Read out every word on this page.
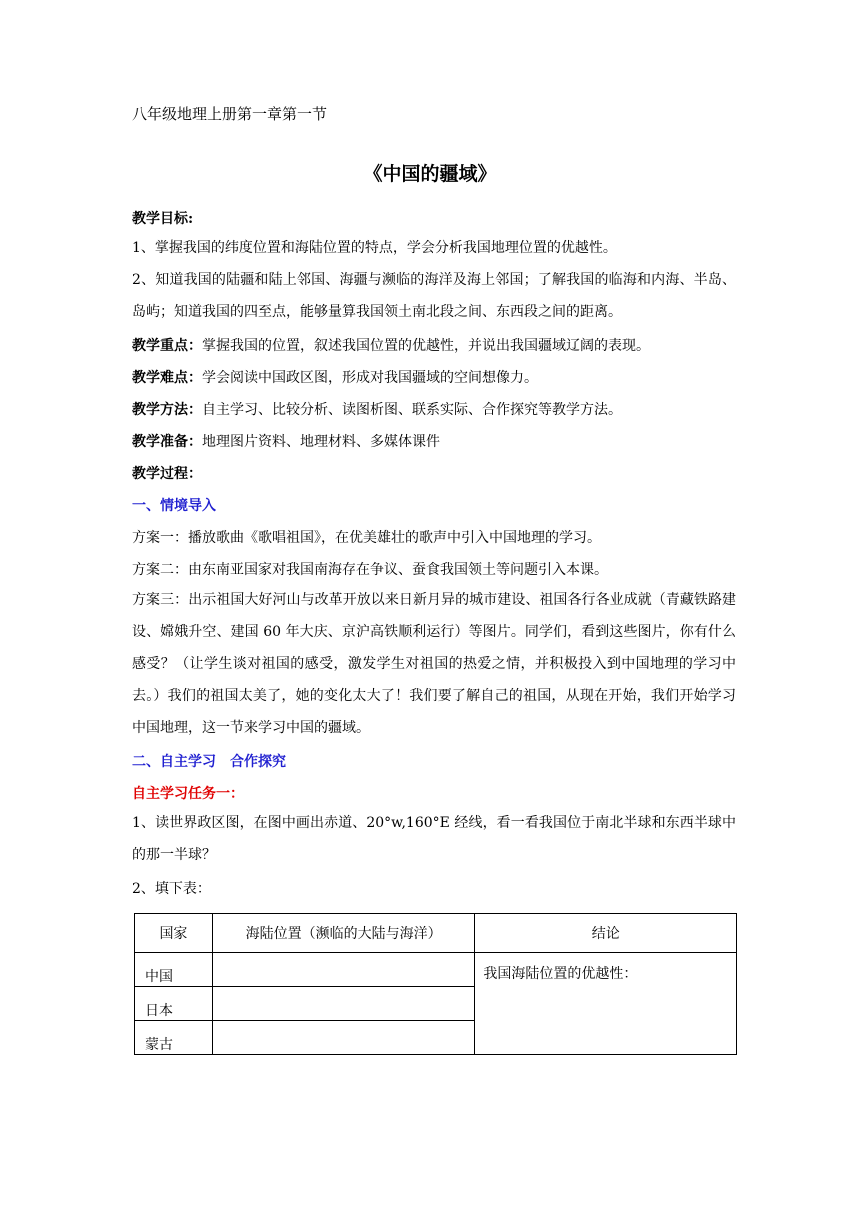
八年级地理上册第一章第一节
《中国的疆域》
教学目标:
1、掌握我国的纬度位置和海陆位置的特点，学会分析我国地理位置的优越性。
2、知道我国的陆疆和陆上邻国、海疆与濒临的海洋及海上邻国；了解我国的临海和内海、半岛、岛屿；知道我国的四至点，能够量算我国领土南北段之间、东西段之间的距离。
教学重点：掌握我国的位置，叙述我国位置的优越性，并说出我国疆域辽阔的表现。
教学难点：学会阅读中国政区图，形成对我国疆域的空间想像力。
教学方法：自主学习、比较分析、读图析图、联系实际、合作探究等教学方法。
教学准备：地理图片资料、地理材料、多媒体课件
教学过程：
一、情境导入
方案一：播放歌曲《歌唱祖国》，在优美雄壮的歌声中引入中国地理的学习。
方案二：由东南亚国家对我国南海存在争议、蚕食我国领土等问题引入本课。
方案三：出示祖国大好河山与改革开放以来日新月异的城市建设、祖国各行各业成就（青藏铁路建设、嫦娥升空、建国 60 年大庆、京沪高铁顺利运行）等图片。同学们，看到这些图片，你有什么感受？（让学生谈对祖国的感受，激发学生对祖国的热爱之情，并积极投入到中国地理的学习中去。）我们的祖国太美了，她的变化太大了！我们要了解自己的祖国，从现在开始，我们开始学习中国地理，这一节来学习中国的疆域。
二、自主学习　合作探究
自主学习任务一：
1、读世界政区图，在图中画出赤道、20°w,160°E 经线，看一看我国位于南北半球和东西半球中的那一半球？
2、填下表：
国家	海陆位置（濒临的大陆与海洋）	结论
中国		我国海陆位置的优越性：
日本		
蒙古		
